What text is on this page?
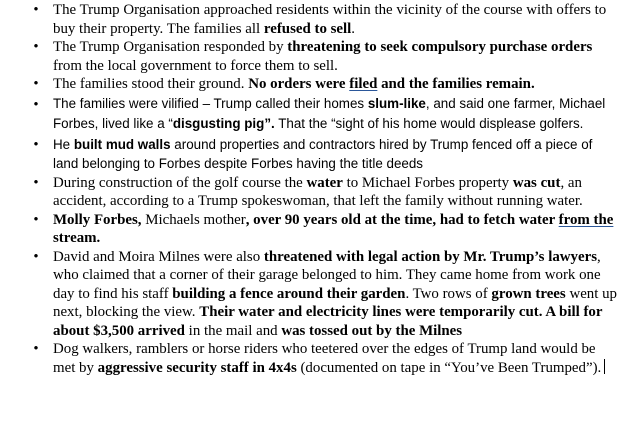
• The Trump Organisation approached residents within the vicinity of the course with offers to buy their property. The families all refused to sell.
• The Trump Organisation responded by threatening to seek compulsory purchase orders from the local government to force them to sell.
• The families stood their ground. No orders were filed and the families remain.
• The families were vilified – Trump called their homes slum-like, and said one farmer, Michael Forbes, lived like a “disgusting pig”. That the “sight of his home would displease golfers.
• He built mud walls around properties and contractors hired by Trump fenced off a piece of land belonging to Forbes despite Forbes having the title deeds
• During construction of the golf course the water to Michael Forbes property was cut, an accident, according to a Trump spokeswoman, that left the family without running water.
• Molly Forbes, Michaels mother, over 90 years old at the time, had to fetch water from the stream.
• David and Moira Milnes were also threatened with legal action by Mr. Trump’s lawyers, who claimed that a corner of their garage belonged to him. They came home from work one day to find his staff building a fence around their garden. Two rows of grown trees went up next, blocking the view. Their water and electricity lines were temporarily cut. A bill for about $3,500 arrived in the mail and was tossed out by the Milnes
• Dog walkers, ramblers or horse riders who teetered over the edges of Trump land would be met by aggressive security staff in 4x4s (documented on tape in “You’ve Been Trumped”).
